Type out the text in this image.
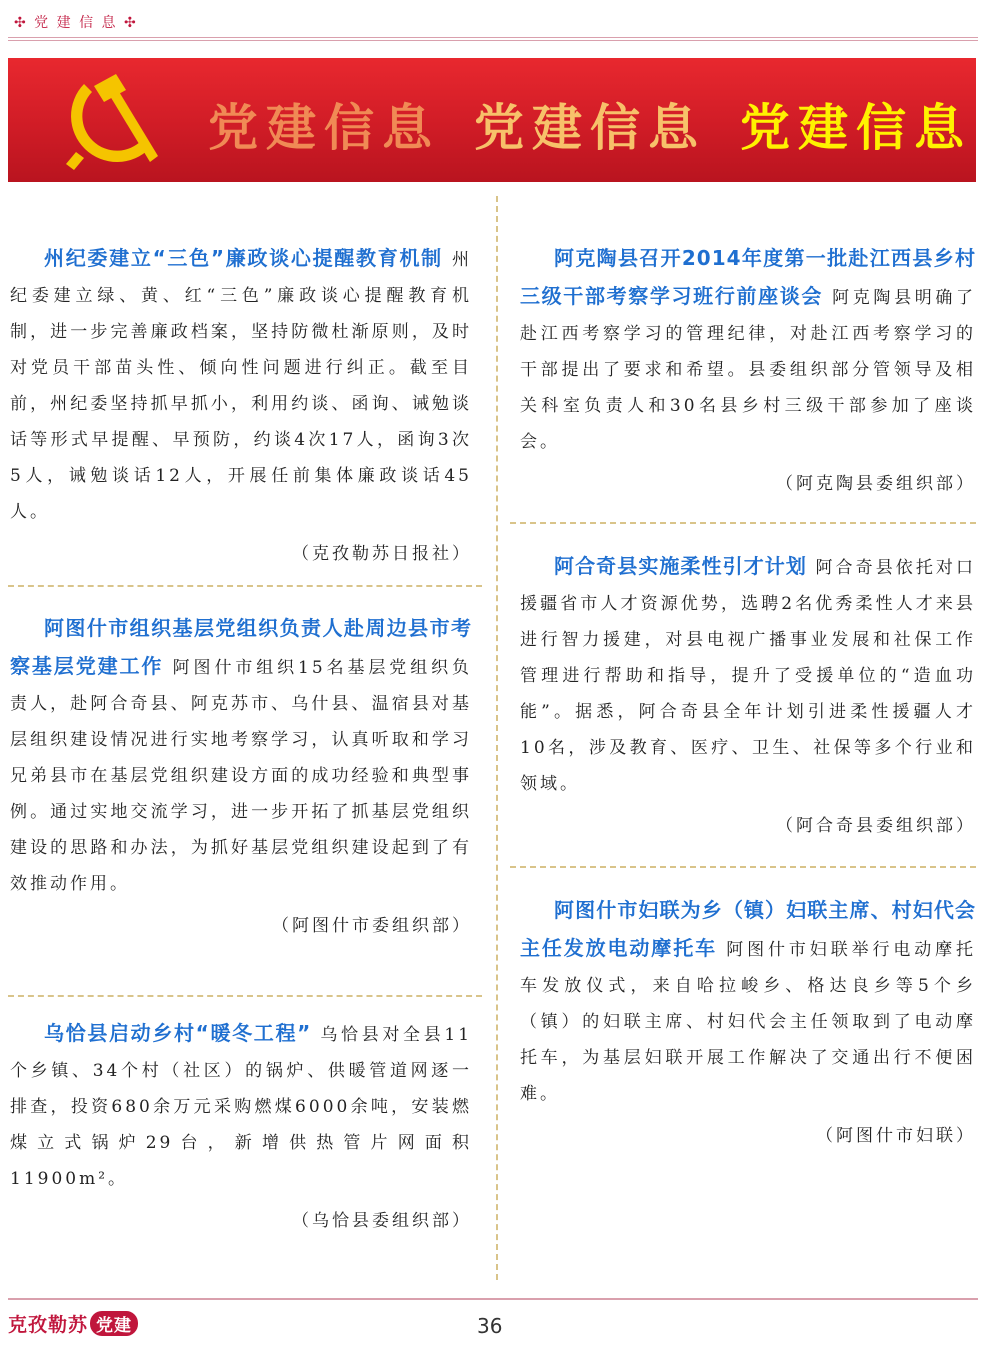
✣ 党 建 信 息 ✣
党建信息 党建信息 党建信息

州纪委建立“三色”廉政谈心提醒教育机制 州纪委建立绿、黄、红“三色”廉政谈心提醒教育机制，进一步完善廉政档案，坚持防微杜渐原则，及时对党员干部苗头性、倾向性问题进行纠正。截至目前，州纪委坚持抓早抓小，利用约谈、函询、诫勉谈话等形式早提醒、早预防，约谈4次17人，函询3次5人，诫勉谈话12人，开展任前集体廉政谈话45人。

（克孜勒苏日报社）

阿图什市组织基层党组织负责人赴周边县市考察基层党建工作 阿图什市组织15名基层党组织负责人，赴阿合奇县、阿克苏市、乌什县、温宿县对基层组织建设情况进行实地考察学习，认真听取和学习兄弟县市在基层党组织建设方面的成功经验和典型事例。通过实地交流学习，进一步开拓了抓基层党组织建设的思路和办法，为抓好基层党组织建设起到了有效推动作用。

（阿图什市委组织部）

乌恰县启动乡村“暖冬工程” 乌恰县对全县11个乡镇、34个村（社区）的锅炉、供暖管道网逐一排查，投资680余万元采购燃煤6000余吨，安装燃煤立式锅炉29台，新增供热管片网面积11900m²。

（乌恰县委组织部）

阿克陶县召开2014年度第一批赴江西县乡村三级干部考察学习班行前座谈会 阿克陶县明确了赴江西考察学习的管理纪律，对赴江西考察学习的干部提出了要求和希望。县委组织部分管领导及相关科室负责人和30名县乡村三级干部参加了座谈会。

（阿克陶县委组织部）

阿合奇县实施柔性引才计划 阿合奇县依托对口援疆省市人才资源优势，选聘2名优秀柔性人才来县进行智力援建，对县电视广播事业发展和社保工作管理进行帮助和指导，提升了受援单位的“造血功能”。据悉，阿合奇县全年计划引进柔性援疆人才10名，涉及教育、医疗、卫生、社保等多个行业和领域。

（阿合奇县委组织部）

阿图什市妇联为乡（镇）妇联主席、村妇代会主任发放电动摩托车 阿图什市妇联举行电动摩托车发放仪式，来自哈拉峻乡、格达良乡等5个乡（镇）的妇联主席、村妇代会主任领取到了电动摩托车，为基层妇联开展工作解决了交通出行不便困难。

（阿图什市妇联）
克孜勒苏 党建	36
